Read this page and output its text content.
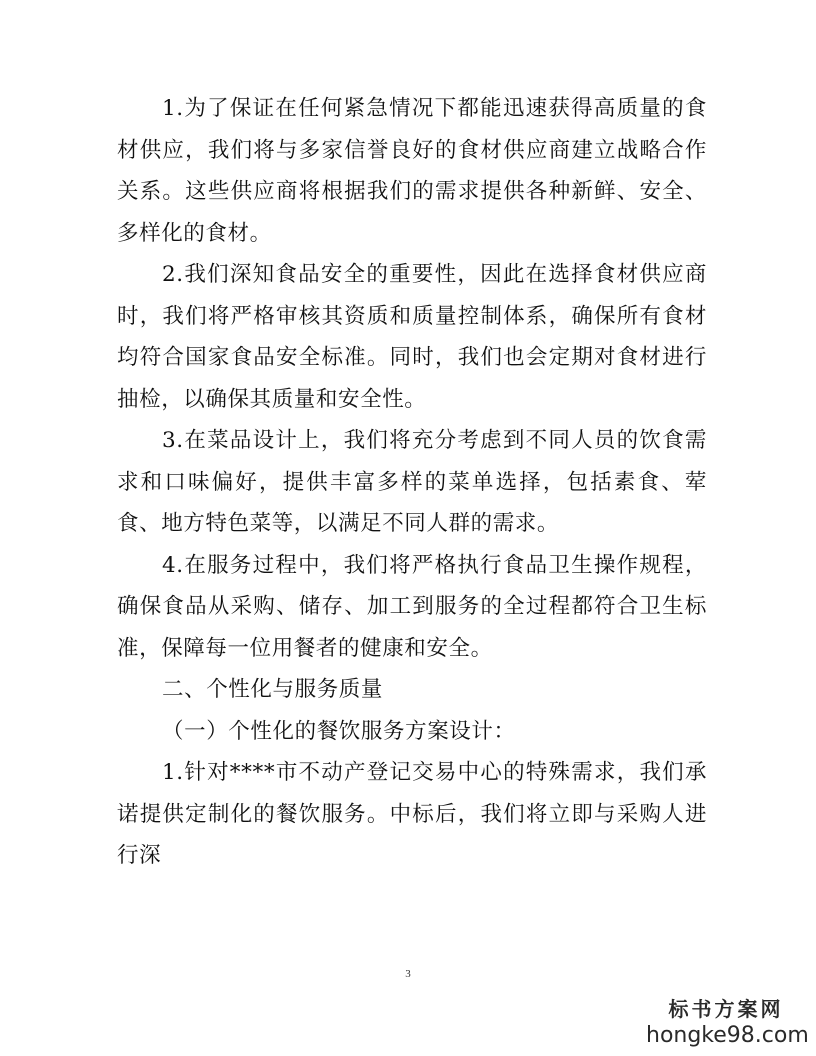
1.为了保证在任何紧急情况下都能迅速获得高质量的食材供应，我们将与多家信誉良好的食材供应商建立战略合作关系。这些供应商将根据我们的需求提供各种新鲜、安全、多样化的食材。

2.我们深知食品安全的重要性，因此在选择食材供应商时，我们将严格审核其资质和质量控制体系，确保所有食材均符合国家食品安全标准。同时，我们也会定期对食材进行抽检，以确保其质量和安全性。

3.在菜品设计上，我们将充分考虑到不同人员的饮食需求和口味偏好，提供丰富多样的菜单选择，包括素食、荤食、地方特色菜等，以满足不同人群的需求。

4.在服务过程中，我们将严格执行食品卫生操作规程，确保食品从采购、储存、加工到服务的全过程都符合卫生标准，保障每一位用餐者的健康和安全。

二、个性化与服务质量

（一）个性化的餐饮服务方案设计：

1.针对****市不动产登记交易中心的特殊需求，我们承诺提供定制化的餐饮服务。中标后，我们将立即与采购人进行深

3
标书方案网
hongke98.com
